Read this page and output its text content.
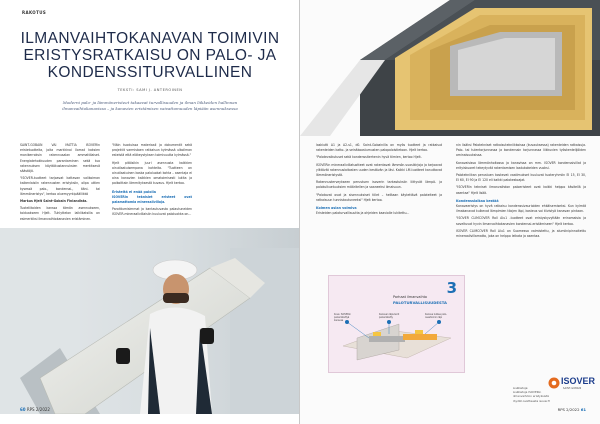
RAKOTUS
ILMANVAIHTOKANAVAN TOIMIVIN
ERISTYSRATKAISU ON PALO- JA
KONDENSSITURVALLINEN
TEKSTI: SAMI J. ANTEROINEN
Moderni palo- ja lämmöneristeet takaavat turvallisuuden ja ilman liikkeiden hallinnan ilmanvaihtokanavissa – ja kanavien eristämisen vaivattomuuden läpiään asennuksessa

SAINT-GOBAIN VAI MATTIA ISOVERin eristetuotteita, joita markkinoi Ilomat kaksien monikerroksin rakennusalan ammattilaiset. Energiatehokkuuden parantaminen sekä tuo rakennuksen käyttökustannuksien merkitsevä säästöjä.

"ISOVER-tuotteet tarjoavat kattavan valikoiman kaikenlaisiin rakennusten eristyksiin, olipa uttien kysessä palo-, kondenssi-, ääni- tai lämmöneristys", kertoo aluemyyntipäällikkö

Markus Hjelt Saint-Gobain Finlandista.

Tuoteliitoiden kanssa tämän asennukseen, toiduakseen Hjelt. Tuhlyttelon laiklikatsilia on esimerkiksi ilmanvaihtokanavien eristäminen.

"Näin tuoduissa materiaali ja dokumentit sekä projektit varmistaen ratkaisun kylmässä ulkoilman esteistä että eläkeystyksen toimivuutta kylmässä."

Hjelt pitäisikin juuri asennusta kaikkien ainutlaatuisempana kohteita. "Tuotteen on ainutlaatuinen koska paloluokat kohta – asentaja ei aina kanavien kaikkien omatoimisesti lukita ja paikoittain lämmityksestä kuvaus. Hjelt kertoo.

Eristeitä ei enää palolla

ISOVERin teknisiet eristeet ovat palamattomia mineraalivilloja.

Paroittumisimmat ja kantautuvasta palautuneiden ISOVER-mineraalivillaisiin kuuluvat paloluokka on...

60 RPS 2/2022

laskiutti A1 ja A2-s1, d0. Saint-Gobainilla on myös tuotteet ja ratkaisut rakenteiden katto- ja seinäkoostumusten palopaloistietoon. Hjelt kertoo.

"Palotevaikutuset sekä kondenssiterhenin hyvä tiimien, kertoo Hjelt.

ISOVERin mineraalivillatuotteet ovat rakentavat lämmön-vuosikirjoja ja tarjoavat ylittävät rakennuslaitosten uuden kestävän ja läsi. Kaikki LM-tuotteet kanuttavat lämmöneristystä.

Rakennusterveykseen perustuen isoverin tarkastuksiin liittyvät lämpö- ja palokulkuetuuksien määritellen ja saaneeksi ilmaisuun.

"Palotavat ovat ja sisennuksiset tiilet – heiltaan käytettävä paloteiteet ja ratkaisuun tunnistautuneeksi" Hjelt kertoo.

Kolmen asian voimiva

Eristeiden paloturvallisuutta ja ohjeiden kaaviolle lukitettu...

nin lisäksi Palotekniset ratkaisutekniikkoissa (kuvauksessa) rakenteiden ratkaisuja. Palo- tai tulentorjunnassa ja kondenssin torjunnassa liikkuvien työskentelijöiden ominaisuuksissa.

Kanavaisissa lämmönhoitossa ja kanavissa on mm. ISOVER kondenssivillat ja erityiskuoret tekeytyvät rakentamisen laatukokeiden vuoksi.

Palotekniikan perustuen koskevat vaatimukset kuuluvat tuoteryhmiin EI 15, EI 30, EI 60, EI 90 ja EI 120 eli kaikki palokestoajat.

"ISOVERin tekniset ilmanvaihdon paloeristeet ovat kaikki helppo käsitellä ja asentaa" Hjelt lisää.

Kondenssiaikaa kestää

Kanavaeristys on hyvä ratkaisu kondenssivaurioiden ehkäisemiseksi. Kun kylmät ilmakanavat kulkevat lämpimien tilojen läpi, kosteus voi tiivistyä kanavan pintaan.

"ISOVER CLIMCOVER Roll Alu1 -tuotteet ovat eristyskyvyltään erinomaisia ja soveltuvat hyvin ilmanvaihtokanavien kondenssi-eristämiseen" Hjelt kertoo.

ISOVER CLIMCOVER Roll Alu1 on Suomessa valmistettu, ja alumiinipinnoitettu mineraalivillamatto, joka on helppo leikata ja asentaa.

3
Parhaat ilmanvaihto
PALOTURVALLISUUDESTA
Kuva: ISOVERin paloeristettyä kanavaa
Kanavan läpivienti paloeristetty
Kanava kulkee palo-osastoinnin läpi
Lisätietoja:
Lisätietoja ISOVERin ilmanvaihdon eristyksistä löydät osoitteesta isover.fi
ISOVER
SAINT-GOBAIN
RPS 2/2022 61
